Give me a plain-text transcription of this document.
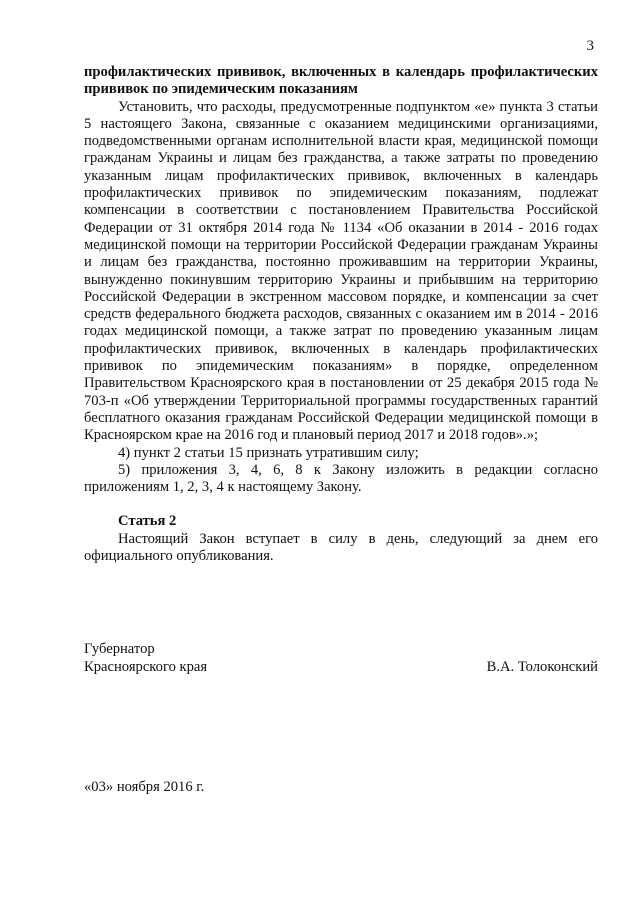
3

профилактических прививок, включенных в календарь профилактических прививок по эпидемическим показаниям

Установить, что расходы, предусмотренные подпунктом «е» пункта 3 статьи 5 настоящего Закона, связанные с оказанием медицинскими организациями, подведомственными органам исполнительной власти края, медицинской помощи гражданам Украины и лицам без гражданства, а также затраты по проведению указанным лицам профилактических прививок, включенных в календарь профилактических прививок по эпидемическим показаниям, подлежат компенсации в соответствии с постановлением Правительства Российской Федерации от 31 октября 2014 года № 1134 «Об оказании в 2014 - 2016 годах медицинской помощи на территории Российской Федерации гражданам Украины и лицам без гражданства, постоянно проживавшим на территории Украины, вынужденно покинувшим территорию Украины и прибывшим на территорию Российской Федерации в экстренном массовом порядке, и компенсации за счет средств федерального бюджета расходов, связанных с оказанием им в 2014 - 2016 годах медицинской помощи, а также затрат по проведению указанным лицам профилактических прививок, включенных в календарь профилактических прививок по эпидемическим показаниям» в порядке, определенном Правительством Красноярского края в постановлении от 25 декабря 2015 года № 703-п «Об утверждении Территориальной программы государственных гарантий бесплатного оказания гражданам Российской Федерации медицинской помощи в Красноярском крае на 2016 год и плановый период 2017 и 2018 годов».»;

4) пункт 2 статьи 15 признать утратившим силу;

5) приложения 3, 4, 6, 8 к Закону изложить в редакции согласно приложениям 1, 2, 3, 4 к настоящему Закону.

Статья 2

Настоящий Закон вступает в силу в день, следующий за днем его официального опубликования.

Губернатор
Красноярского края	В.А. Толоконский
«03» ноября 2016 г.
